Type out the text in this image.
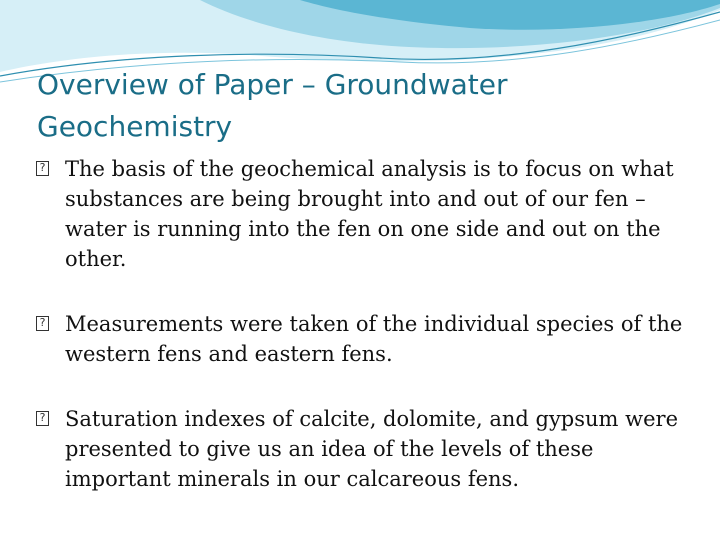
Overview of Paper – Groundwater Geochemistry
? The basis of the geochemical analysis is to focus on what substances are being brought into and out of our fen – water is running into the fen on one side and out on the other.
? Measurements were taken of the individual species of the western fens and eastern fens.
? Saturation indexes of calcite, dolomite, and gypsum were presented to give us an idea of the levels of these important minerals in our calcareous fens.
